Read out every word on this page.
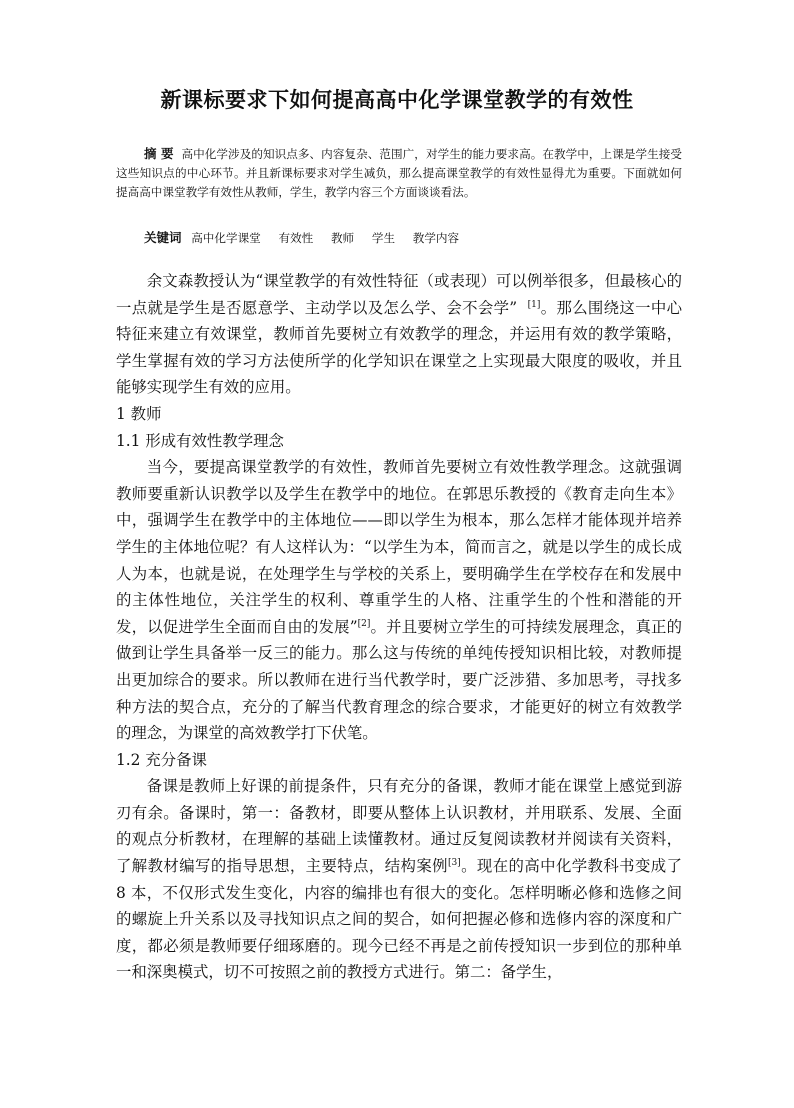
新课标要求下如何提高高中化学课堂教学的有效性
摘 要 高中化学涉及的知识点多、内容复杂、范围广，对学生的能力要求高。在教学中，上课是学生接受这些知识点的中心环节。并且新课标要求对学生减负，那么提高课堂教学的有效性显得尤为重要。下面就如何提高高中课堂教学有效性从教师，学生，教学内容三个方面谈谈看法。
关键词 高中化学课堂 有效性 教师 学生 教学内容

余文森教授认为“课堂教学的有效性特征（或表现）可以例举很多，但最核心的一点就是学生是否愿意学、主动学以及怎么学、会不会学” [1]。那么围绕这一中心特征来建立有效课堂，教师首先要树立有效教学的理念，并运用有效的教学策略，学生掌握有效的学习方法使所学的化学知识在课堂之上实现最大限度的吸收，并且能够实现学生有效的应用。

1 教师

1.1 形成有效性教学理念

当今，要提高课堂教学的有效性，教师首先要树立有效性教学理念。这就强调教师要重新认识教学以及学生在教学中的地位。在郭思乐教授的《教育走向生本》中，强调学生在教学中的主体地位——即以学生为根本，那么怎样才能体现并培养学生的主体地位呢？有人这样认为：“以学生为本，简而言之，就是以学生的成长成人为本，也就是说，在处理学生与学校的关系上，要明确学生在学校存在和发展中的主体性地位，关注学生的权利、尊重学生的人格、注重学生的个性和潜能的开发，以促进学生全面而自由的发展”[2]。并且要树立学生的可持续发展理念，真正的做到让学生具备举一反三的能力。那么这与传统的单纯传授知识相比较，对教师提出更加综合的要求。所以教师在进行当代教学时，要广泛涉猎、多加思考，寻找多种方法的契合点，充分的了解当代教育理念的综合要求，才能更好的树立有效教学的理念，为课堂的高效教学打下伏笔。

1.2 充分备课

备课是教师上好课的前提条件，只有充分的备课，教师才能在课堂上感觉到游刃有余。备课时，第一：备教材，即要从整体上认识教材，并用联系、发展、全面的观点分析教材，在理解的基础上读懂教材。通过反复阅读教材并阅读有关资料，了解教材编写的指导思想，主要特点，结构案例[3]。现在的高中化学教科书变成了 8 本，不仅形式发生变化，内容的编排也有很大的变化。怎样明晰必修和选修之间的螺旋上升关系以及寻找知识点之间的契合，如何把握必修和选修内容的深度和广度，都必须是教师要仔细琢磨的。现今已经不再是之前传授知识一步到位的那种单一和深奥模式，切不可按照之前的教授方式进行。第二：备学生，
